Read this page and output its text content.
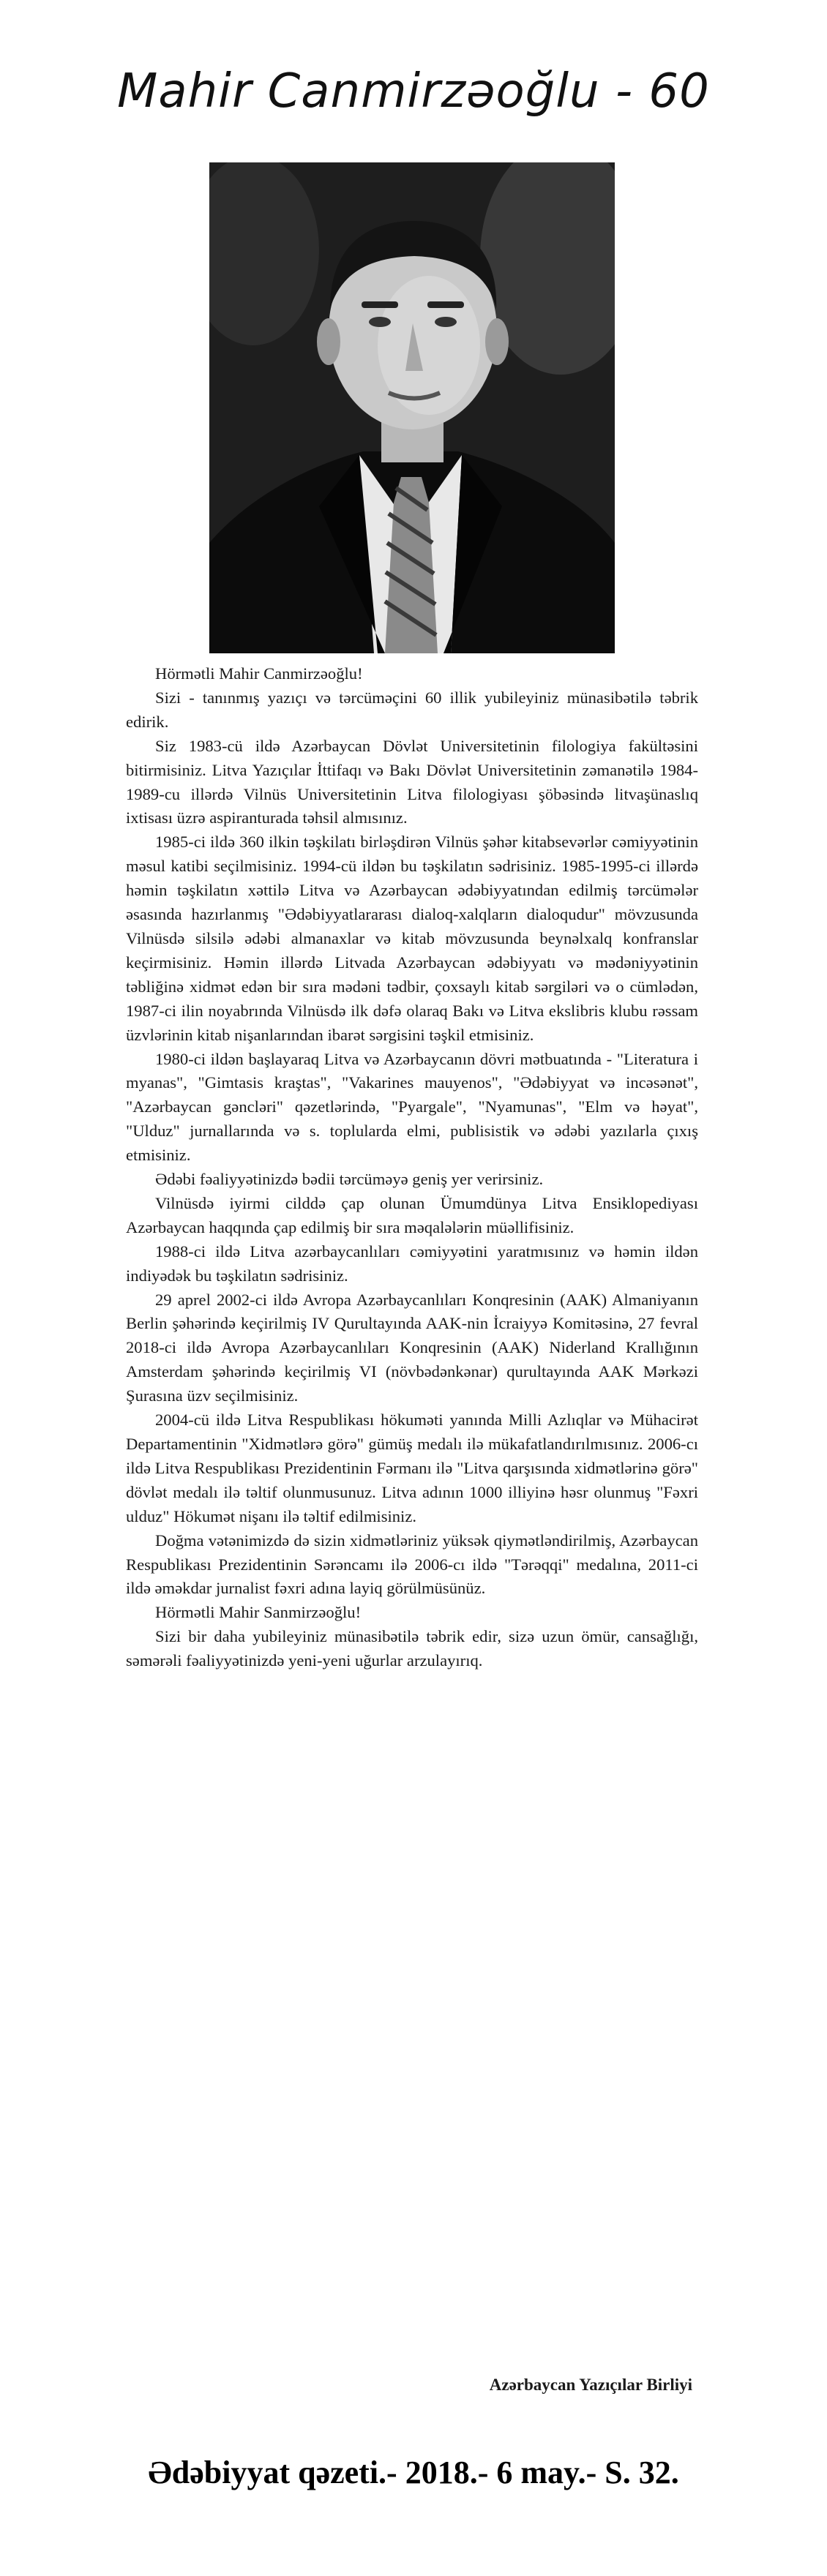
Mahir Canmirzəoğlu - 60

Hörmətli Mahir Canmirzəoğlu!

Sizi - tanınmış yazıçı və tərcüməçini 60 illik yubileyiniz münasibətilə təbrik edirik.

Siz 1983-cü ildə Azərbaycan Dövlət Universitetinin filologiya fakültəsini bitirmisiniz. Litva Yazıçılar İttifaqı və Bakı Dövlət Universitetinin zəmanətilə 1984-1989-cu illərdə Vilnüs Universitetinin Litva filologiyası şöbəsində litvaşünaslıq ixtisası üzrə aspiranturada təhsil almısınız.

1985-ci ildə 360 ilkin təşkilatı birləşdirən Vilnüs şəhər kitabsevərlər cəmiyyətinin məsul katibi seçilmisiniz. 1994-cü ildən bu təşkilatın sədrisiniz. 1985-1995-ci illərdə həmin təşkilatın xəttilə Litva və Azərbaycan ədəbiyyatından edilmiş tərcümələr əsasında hazırlanmış "Ədəbiyyatlararası dialoq-xalqların dialoqudur" mövzusunda Vilnüsdə silsilə ədəbi almanaxlar və kitab mövzusunda beynəlxalq konfranslar keçirmisiniz. Həmin illərdə Litvada Azərbaycan ədəbiyyatı və mədəniyyətinin təbliğinə xidmət edən bir sıra mədəni tədbir, çoxsaylı kitab sərgiləri və o cümlədən, 1987-ci ilin noyabrında Vilnüsdə ilk dəfə olaraq Bakı və Litva ekslibris klubu rəssam üzvlərinin kitab nişanlarından ibarət sərgisini təşkil etmisiniz.

1980-ci ildən başlayaraq Litva və Azərbaycanın dövri mətbuatında - "Literatura i myanas", "Gimtasis kraştas", "Vakarines mauyenos", "Ədəbiyyat və incəsənət", "Azərbaycan gəncləri" qəzetlərində, "Pyargale", "Nyamunas", "Elm və həyat", "Ulduz" jurnallarında və s. toplularda elmi, publisistik və ədəbi yazılarla çıxış etmisiniz.

Ədəbi fəaliyyətinizdə bədii tərcüməyə geniş yer verirsiniz.

Vilnüsdə iyirmi cilddə çap olunan Ümumdünya Litva Ensiklopediyası Azərbaycan haqqında çap edilmiş bir sıra məqalələrin müəllifisiniz.

1988-ci ildə Litva azərbaycanlıları cəmiyyətini yaratmısınız və həmin ildən indiyədək bu təşkilatın sədrisiniz.

29 aprel 2002-ci ildə Avropa Azərbaycanlıları Konqresinin (AAK) Almaniyanın Berlin şəhərində keçirilmiş IV Qurultayında AAK-nin İcraiyyə Komitəsinə, 27 fevral 2018-ci ildə Avropa Azərbaycanlıları Konqresinin (AAK) Niderland Krallığının Amsterdam şəhərində keçirilmiş VI (növbədənkənar) qurultayında AAK Mərkəzi Şurasına üzv seçilmisiniz.

2004-cü ildə Litva Respublikası hökuməti yanında Milli Azlıqlar və Mühacirət Departamentinin "Xidmətlərə görə" gümüş medalı ilə mükafatlandırılmısınız. 2006-cı ildə Litva Respublikası Prezidentinin Fərmanı ilə "Litva qarşısında xidmətlərinə görə" dövlət medalı ilə təltif olunmusunuz. Litva adının 1000 illiyinə həsr olunmuş "Fəxri ulduz" Hökumət nişanı ilə təltif edilmisiniz.

Doğma vətənimizdə də sizin xidmətləriniz yüksək qiymətləndirilmiş, Azərbaycan Respublikası Prezidentinin Sərəncamı ilə 2006-cı ildə "Tərəqqi" medalına, 2011-ci ildə əməkdar jurnalist fəxri adına layiq görülmüsünüz.

Hörmətli Mahir Sanmirzəoğlu!

Sizi bir daha yubileyiniz münasibətilə təbrik edir, sizə uzun ömür, cansağlığı, səmərəli fəaliyyətinizdə yeni-yeni uğurlar arzulayırıq.

Azərbaycan Yazıçılar Birliyi
Ədəbiyyat qəzeti.- 2018.- 6 may.- S. 32.
